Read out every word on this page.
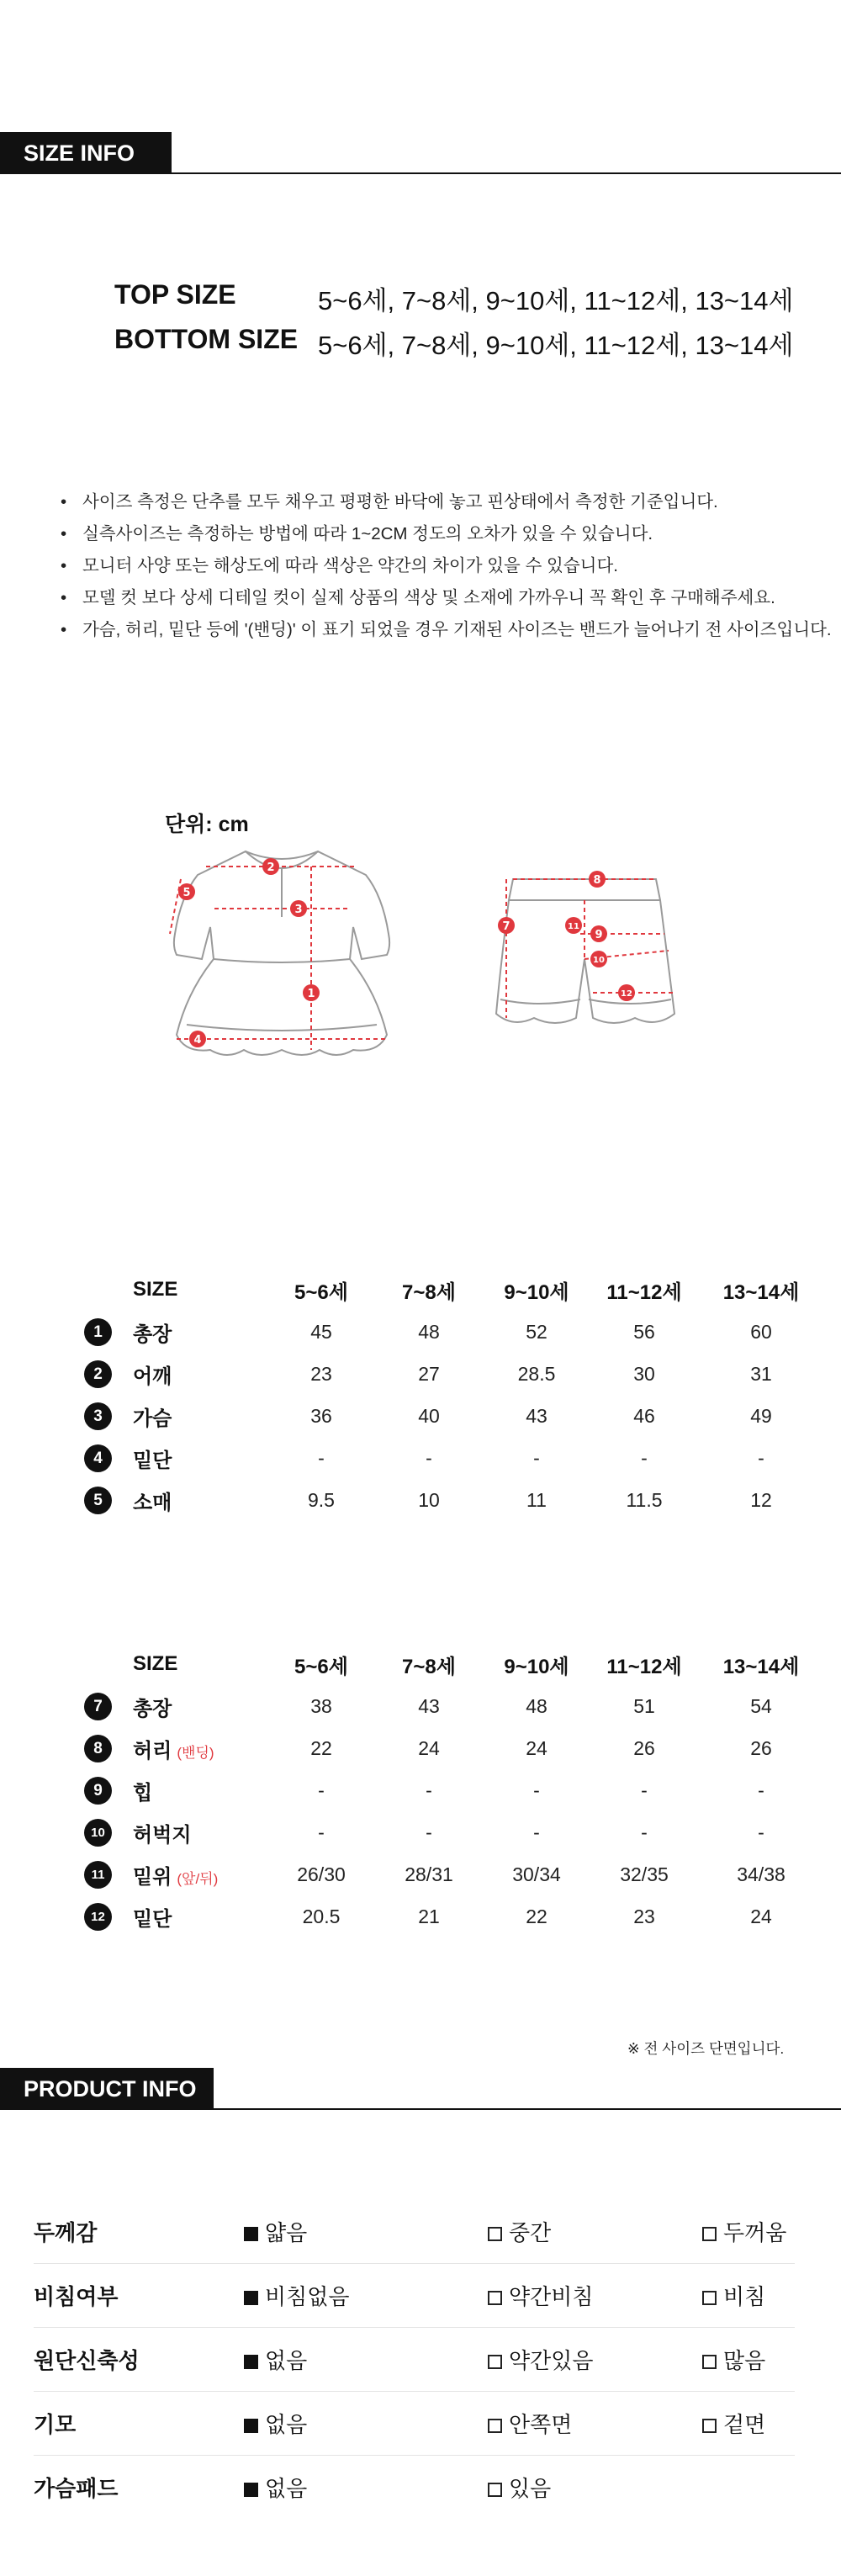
SIZE INFO
TOP SIZE	5~6세, 7~8세, 9~10세, 11~12세, 13~14세
BOTTOM SIZE 5~6세, 7~8세, 9~10세, 11~12세, 13~14세
• 사이즈 측정은 단추를 모두 채우고 평평한 바닥에 놓고 핀상태에서 측정한 기준입니다.
• 실측사이즈는 측정하는 방법에 따라 1~2CM 정도의 오차가 있을 수 있습니다.
• 모니터 사양 또는 해상도에 따라 색상은 약간의 차이가 있을 수 있습니다.
• 모델 컷 보다 상세 디테일 컷이 실제 상품의 색상 및 소재에 가까우니 꼭 확인 후 구매해주세요.
• 가슴, 허리, 밑단 등에 '(밴딩)' 이 표기 되었을 경우 기재된 사이즈는 밴드가 늘어나기 전 사이즈입니다.
단위: cm
1
2
3
4
5
7
8
9
10
11
12
	SIZE	5~6세	7~8세	9~10세	11~12세	13~14세
1	총장	45	48	52	56	60
2	어깨	23	27	28.5	30	31
3	가슴	36	40	43	46	49
4	밑단	-	-	-	-	-
5	소매	9.5	10	11	11.5	12
	SIZE	5~6세	7~8세	9~10세	11~12세	13~14세
7	총장	38	43	48	51	54
8	허리 (밴딩)	22	24	24	26	26
9	힙	-	-	-	-	-
10	허벅지	-	-	-	-	-
11	밑위 (앞/뒤)	26/30	28/31	30/34	32/35	34/38
12	밑단	20.5	21	22	23	24
※ 전 사이즈 단면입니다.
PRODUCT INFO
두께감	얇음	중간	두꺼움
비침여부	비침없음	약간비침	비침
원단신축성	없음	약간있음	많음
기모	없음	안쪽면	겉면
가슴패드	없음	있음	
